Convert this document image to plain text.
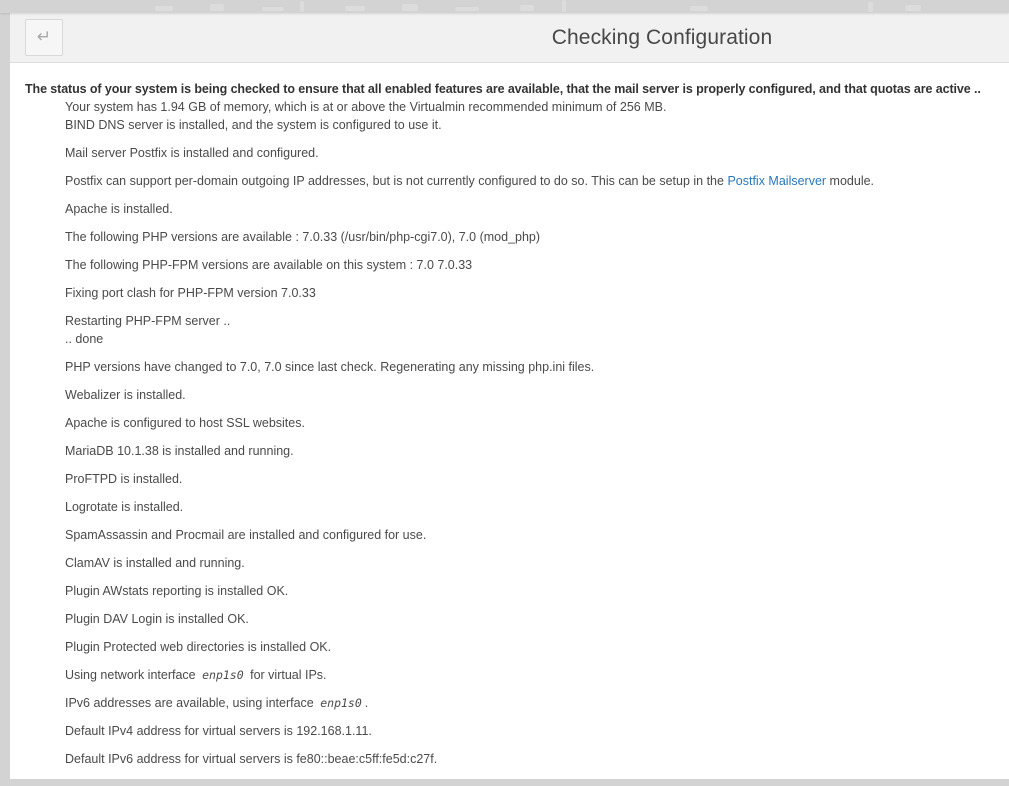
↵	Checking Configuration

The status of your system is being checked to ensure that all enabled features are available, that the mail server is properly configured, and that quotas are active ..

Your system has 1.94 GB of memory, which is at or above the Virtualmin recommended minimum of 256 MB.
BIND DNS server is installed, and the system is configured to use it.

Mail server Postfix is installed and configured.

Postfix can support per-domain outgoing IP addresses, but is not currently configured to do so. This can be setup in the Postfix Mailserver module.

Apache is installed.

The following PHP versions are available : 7.0.33 (/usr/bin/php-cgi7.0), 7.0 (mod_php)

The following PHP-FPM versions are available on this system : 7.0 7.0.33

Fixing port clash for PHP-FPM version 7.0.33

Restarting PHP-FPM server ..
.. done

PHP versions have changed to 7.0, 7.0 since last check. Regenerating any missing php.ini files.

Webalizer is installed.

Apache is configured to host SSL websites.

MariaDB 10.1.38 is installed and running.

ProFTPD is installed.

Logrotate is installed.

SpamAssassin and Procmail are installed and configured for use.

ClamAV is installed and running.

Plugin AWstats reporting is installed OK.

Plugin DAV Login is installed OK.

Plugin Protected web directories is installed OK.

Using network interface enp1s0 for virtual IPs.

IPv6 addresses are available, using interface enp1s0 .

Default IPv4 address for virtual servers is 192.168.1.11.

Default IPv6 address for virtual servers is fe80::beae:c5ff:fe5d:c27f.
